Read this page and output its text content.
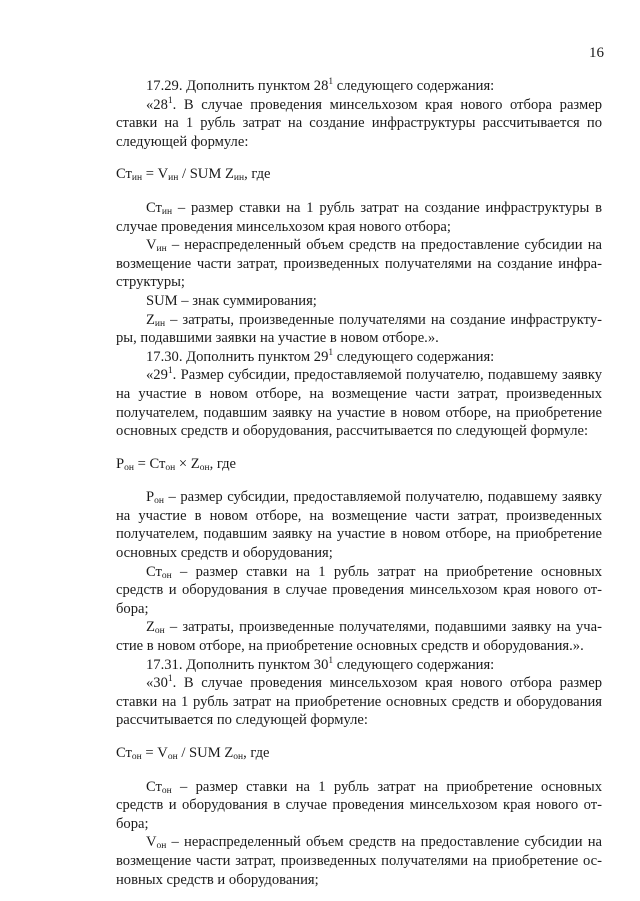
16

17.29. Дополнить пунктом $28^1$ следующего содержания:

«$28^1$. В случае проведения минсельхозом края нового отбора размер ставки на 1 рубль затрат на создание инфраструктуры рассчитывается по следующей формуле:

$Ст_{ин} = V_{ин}$ / SUM $Z_{ин}$, где

$Ст_{ин}$ – размер ставки на 1 рубль затрат на создание инфраструктуры в случае проведения минсельхозом края нового отбора;

$V_{ин}$ – нераспределенный объем средств на предоставление субсидии на возмещение части затрат, произведенных получателями на создание инфраструктуры;

SUM – знак суммирования;

$Z_{ин}$ – затраты, произведенные получателями на создание инфраструктуры, подавшими заявки на участие в новом отборе.».

17.30. Дополнить пунктом $29^1$ следующего содержания:

«$29^1$. Размер субсидии, предоставляемой получателю, подавшему заявку на участие в новом отборе, на возмещение части затрат, произведенных получателем, подавшим заявку на участие в новом отборе, на приобретение основных средств и оборудования, рассчитывается по следующей формуле:

$P_{он} = Ст_{он} \times Z_{он}$, где

$P_{он}$ – размер субсидии, предоставляемой получателю, подавшему заявку на участие в новом отборе, на возмещение части затрат, произведенных получателем, подавшим заявку на участие в новом отборе, на приобретение основных средств и оборудования;

$Ст_{он}$ – размер ставки на 1 рубль затрат на приобретение основных средств и оборудования в случае проведения минсельхозом края нового отбора;

$Z_{он}$ – затраты, произведенные получателями, подавшими заявку на участие в новом отборе, на приобретение основных средств и оборудования.».

17.31. Дополнить пунктом $30^1$ следующего содержания:

«$30^1$. В случае проведения минсельхозом края нового отбора размер ставки на 1 рубль затрат на приобретение основных средств и оборудования рассчитывается по следующей формуле:

$Ст_{он} = V_{он}$ / SUM $Z_{он}$, где

$Ст_{он}$ – размер ставки на 1 рубль затрат на приобретение основных средств и оборудования в случае проведения минсельхозом края нового отбора;

$V_{он}$ – нераспределенный объем средств на предоставление субсидии на возмещение части затрат, произведенных получателями на приобретение основных средств и оборудования;
